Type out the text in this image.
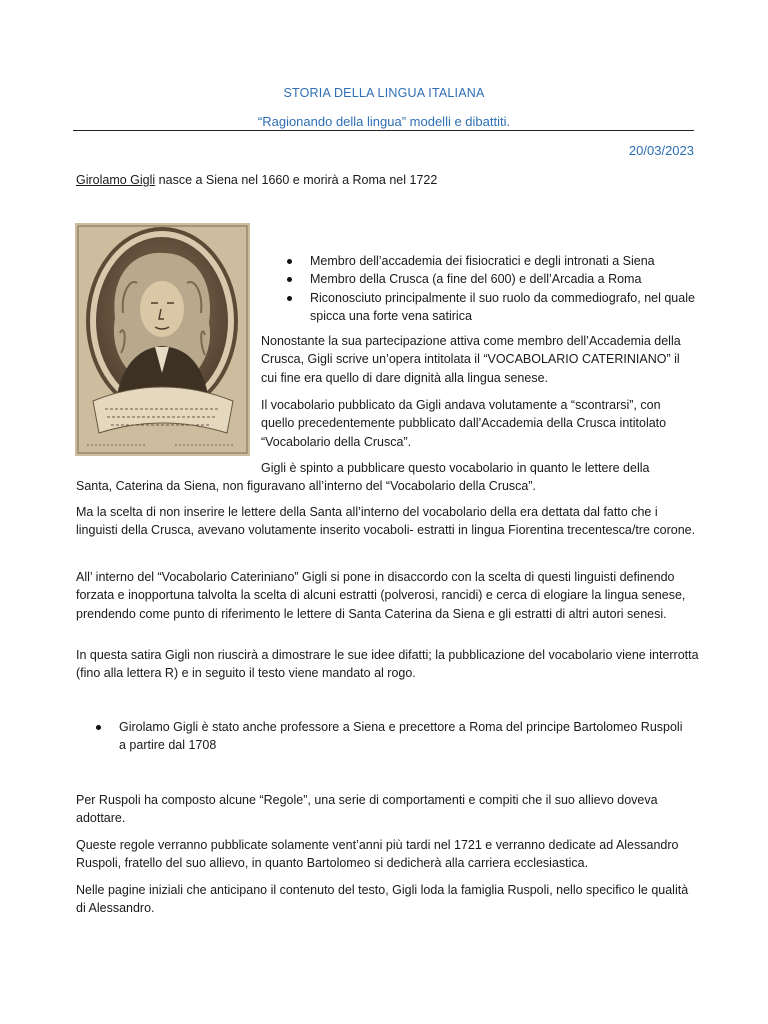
STORIA DELLA LINGUA ITALIANA
“Ragionando della lingua” modelli e dibattiti.
20/03/2023

Girolamo Gigli nasce a Siena nel 1660 e morirà a Roma nel 1722

Membro dell’accademia dei fisiocratici e degli intronati a Siena
Membro della Crusca (a fine del 600) e dell’Arcadia a Roma
Riconosciuto principalmente il suo ruolo da commediografo, nel quale spicca una forte vena satirica

Nonostante la sua partecipazione attiva come membro dell’Accademia della Crusca, Gigli scrive un’opera intitolata il “VOCABOLARIO CATERINIANO” il cui fine era quello di dare dignità alla lingua senese.

Il vocabolario pubblicato da Gigli andava volutamente a “scontrarsi”, con quello precedentemente pubblicato dall’Accademia della Crusca intitolato “Vocabolario della Crusca”.

Gigli è spinto a pubblicare questo vocabolario in quanto le lettere della

Santa, Caterina da Siena, non figuravano all’interno del “Vocabolario della Crusca”.

Ma la scelta di non inserire le lettere della Santa all’interno del vocabolario della era dettata dal fatto che i linguisti della Crusca, avevano volutamente inserito vocaboli- estratti in lingua Fiorentina trecentesca/tre corone.

All’ interno del “Vocabolario Cateriniano” Gigli si pone in disaccordo con la scelta di questi linguisti definendo forzata e inopportuna talvolta la scelta di alcuni estratti (polverosi, rancidi) e cerca di elogiare la lingua senese, prendendo come punto di riferimento le lettere di Santa Caterina da Siena e gli estratti di altri autori senesi.

In questa satira Gigli non riuscirà a dimostrare le sue idee difatti; la pubblicazione del vocabolario viene interrotta (fino alla lettera R) e in seguito il testo viene mandato al rogo.

Girolamo Gigli è stato anche professore a Siena e precettore a Roma del principe Bartolomeo Ruspoli a partire dal 1708

Per Ruspoli ha composto alcune “Regole”, una serie di comportamenti e compiti che il suo allievo doveva adottare.

Queste regole verranno pubblicate solamente vent’anni più tardi nel 1721 e verranno dedicate ad Alessandro Ruspoli, fratello del suo allievo, in quanto Bartolomeo si dedicherà alla carriera ecclesiastica.

Nelle pagine iniziali che anticipano il contenuto del testo, Gigli loda la famiglia Ruspoli, nello specifico le qualità di Alessandro.
